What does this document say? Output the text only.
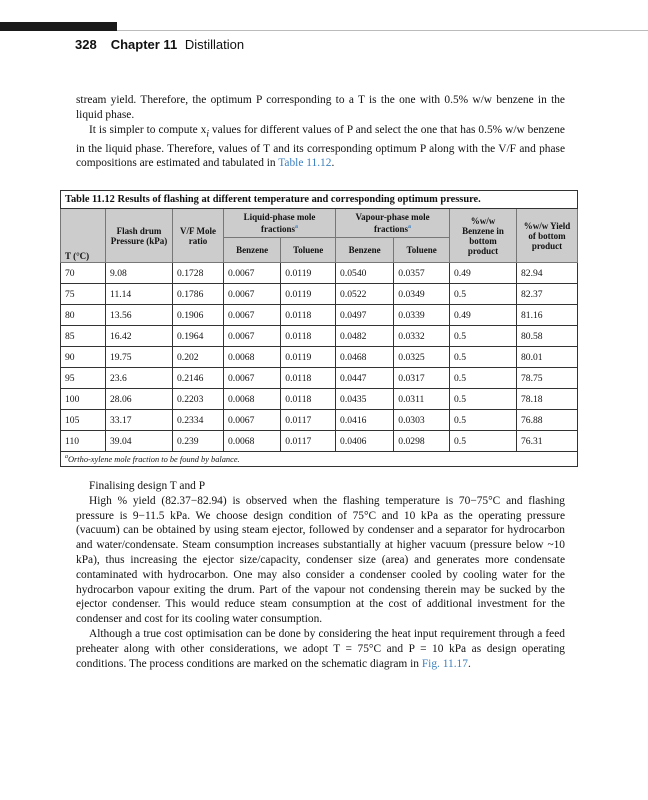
328 Chapter 11 Distillation

stream yield. Therefore, the optimum P corresponding to a T is the one with 0.5% w/w benzene in the liquid phase.

It is simpler to compute $x_i$ values for different values of P and select the one that has 0.5% w/w benzene in the liquid phase. Therefore, values of T and its corresponding optimum P along with the V/F and phase compositions are estimated and tabulated in Table 11.12.

Table 11.12 Results of flashing at different temperature and corresponding optimum pressure.								
T (°C)	Flash drum Pressure (kPa)	V/F Mole ratio	Liquid-phase mole fractions$^a$		Vapour-phase mole fractions$^a$		%w/w Benzene in bottom product	%w/w Yield of bottom product
			Benzene	Toluene	Benzene	Toluene		
70	9.08	0.1728	0.0067	0.0119	0.0540	0.0357	0.49	82.94
75	11.14	0.1786	0.0067	0.0119	0.0522	0.0349	0.5	82.37
80	13.56	0.1906	0.0067	0.0118	0.0497	0.0339	0.49	81.16
85	16.42	0.1964	0.0067	0.0118	0.0482	0.0332	0.5	80.58
90	19.75	0.202	0.0068	0.0119	0.0468	0.0325	0.5	80.01
95	23.6	0.2146	0.0067	0.0118	0.0447	0.0317	0.5	78.75
100	28.06	0.2203	0.0068	0.0118	0.0435	0.0311	0.5	78.18
105	33.17	0.2334	0.0067	0.0117	0.0416	0.0303	0.5	76.88
110	39.04	0.239	0.0068	0.0117	0.0406	0.0298	0.5	76.31
$^a$Ortho-xylene mole fraction to be found by balance.								

Finalising design T and P

High % yield (82.37−82.94) is observed when the flashing temperature is 70−75°C and flashing pressure is 9−11.5 kPa. We choose design condition of 75°C and 10 kPa as the operating pressure (vacuum) can be obtained by using steam ejector, followed by condenser and a separator for hydrocarbon and water/condensate. Steam consumption increases substantially at higher vacuum (pressure below ~10 kPa), thus increasing the ejector size/capacity, condenser size (area) and generates more condensate contaminated with hydrocarbon. One may also consider a condenser cooled by cooling water for the hydrocarbon vapour exiting the drum. Part of the vapour not condensing therein may be sucked by the ejector condenser. This would reduce steam consumption at the cost of additional investment for the condenser and cost for its cooling water consumption.

Although a true cost optimisation can be done by considering the heat input requirement through a feed preheater along with other considerations, we adopt T = 75°C and P = 10 kPa as design operating conditions. The process conditions are marked on the schematic diagram in Fig. 11.17.
